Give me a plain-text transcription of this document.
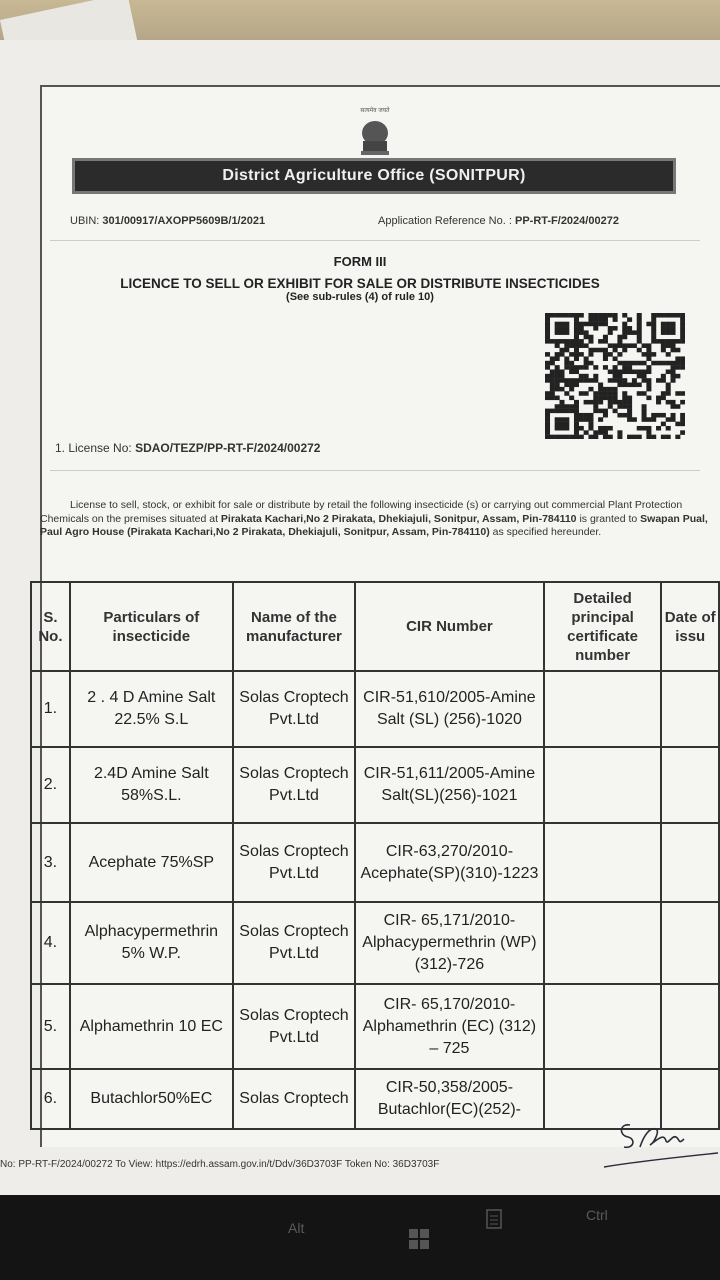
सत्यमेव जयते
District Agriculture Office (SONITPUR)
UBIN: 301/00917/AXOPP5609B/1/2021	Application Reference No. : PP-RT-F/2024/00272
FORM III
LICENCE TO SELL OR EXHIBIT FOR SALE OR DISTRIBUTE INSECTICIDES
(See sub-rules (4) of rule 10)
1. License No: SDAO/TEZP/PP-RT-F/2024/00272
License to sell, stock, or exhibit for sale or distribute by retail the following insecticide (s) or carrying out commercial Plant Protection Chemicals on the premises situated at Pirakata Kachari,No 2 Pirakata, Dhekiajuli, Sonitpur, Assam, Pin-784110 is granted to Swapan Pual, Paul Agro House (Pirakata Kachari,No 2 Pirakata, Dhekiajuli, Sonitpur, Assam, Pin-784110) as specified hereunder.
S. No.	Particulars of insecticide	Name of the manufacturer	CIR Number	Detailed principal certificate number	Date of issu
1.	2 . 4 D Amine Salt 22.5% S.L	Solas Croptech Pvt.Ltd	CIR-51,610/2005-Amine Salt (SL) (256)-1020		
2.	2.4D Amine Salt 58%S.L.	Solas Croptech Pvt.Ltd	CIR-51,611/2005-Amine Salt(SL)(256)-1021		
3.	Acephate 75%SP	Solas Croptech Pvt.Ltd	CIR-63,270/2010-Acephate(SP)(310)-1223		
4.	Alphacypermethrin 5% W.P.	Solas Croptech Pvt.Ltd	CIR- 65,171/2010-Alphacypermethrin (WP)(312)-726		
5.	Alphamethrin 10 EC	Solas Croptech Pvt.Ltd	CIR- 65,170/2010-Alphamethrin (EC) (312) – 725		
6.	Butachlor50%EC	Solas Croptech	CIR-50,358/2005-Butachlor(EC)(252)-		
No: PP-RT-F/2024/00272 To View: https://edrh.assam.gov.in/t/Ddv/36D3703F Token No: 36D3703F
Alt
Ctrl
